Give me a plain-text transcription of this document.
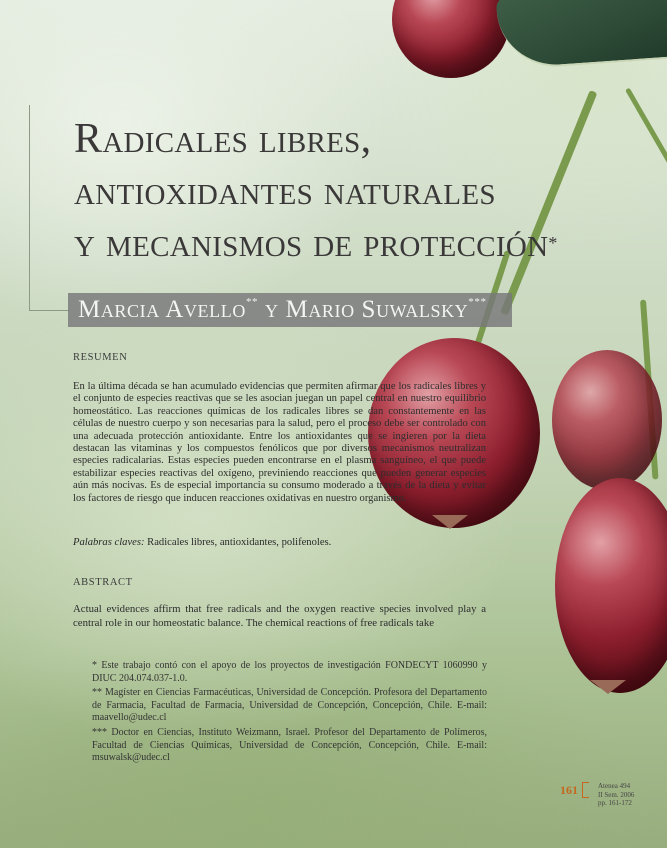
Radicales libres,
antioxidantes naturales
y mecanismos de protección*
Marcia Avello** y Mario Suwalsky***
RESUMEN
En la última década se han acumulado evidencias que permiten afirmar que los radicales libres y el conjunto de especies reactivas que se les asocian juegan un papel central en nuestro equilibrio homeostático. Las reacciones químicas de los radicales libres se dan constantemente en las células de nuestro cuerpo y son necesarias para la salud, pero el proceso debe ser controlado con una adecuada protección antioxidante. Entre los antioxidantes que se ingieren por la dieta destacan las vitaminas y los compuestos fenólicos que por diversos mecanismos neutralizan especies radicalarias. Estas especies pueden encontrarse en el plasma sanguíneo, el que puede estabilizar especies reactivas del oxígeno, previniendo reacciones que pueden generar especies aún más nocivas. Es de especial importancia su consumo moderado a través de la dieta y evitar los factores de riesgo que inducen reacciones oxidativas en nuestro organismo.
Palabras claves: Radicales libres, antioxidantes, polifenoles.
ABSTRACT
Actual evidences affirm that free radicals and the oxygen reactive species involved play a central role in our homeostatic balance. The chemical reactions of free radicals take

* Este trabajo contó con el apoyo de los proyectos de investigación FONDECYT 1060990 y DIUC 204.074.037-1.0.

** Magíster en Ciencias Farmacéuticas, Universidad de Concepción. Profesora del Departamento de Farmacia, Facultad de Farmacia, Universidad de Concepción, Concepción, Chile. E-mail: maavello@udec.cl

*** Doctor en Ciencias, Instituto Weizmann, Israel. Profesor del Departamento de Polímeros, Facultad de Ciencias Químicas, Universidad de Concepción, Concepción, Chile. E-mail: msuwalsk@udec.cl

161	Atenea 494
II Sem. 2006
pp. 161-172
